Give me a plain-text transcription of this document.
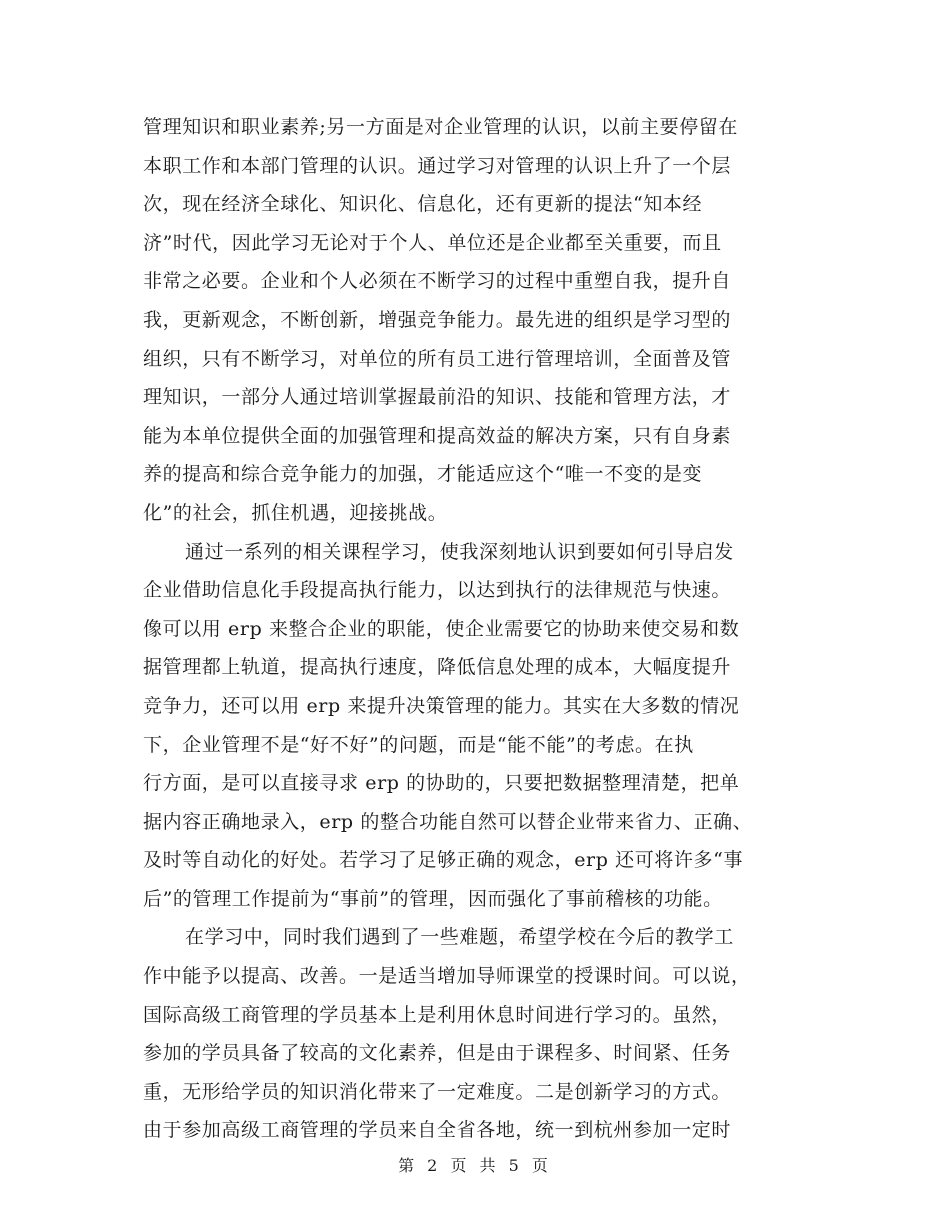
管理知识和职业素养;另一方面是对企业管理的认识，以前主要停留在
本职工作和本部门管理的认识。通过学习对管理的认识上升了一个层
次，现在经济全球化、知识化、信息化，还有更新的提法“知本经
济”时代，因此学习无论对于个人、单位还是企业都至关重要，而且
非常之必要。企业和个人必须在不断学习的过程中重塑自我，提升自
我，更新观念，不断创新，增强竞争能力。最先进的组织是学习型的
组织，只有不断学习，对单位的所有员工进行管理培训，全面普及管
理知识，一部分人通过培训掌握最前沿的知识、技能和管理方法，才
能为本单位提供全面的加强管理和提高效益的解决方案，只有自身素
养的提高和综合竞争能力的加强，才能适应这个“唯一不变的是变
化”的社会，抓住机遇，迎接挑战。
通过一系列的相关课程学习，使我深刻地认识到要如何引导启发
企业借助信息化手段提高执行能力，以达到执行的法律规范与快速。
像可以用 erp 来整合企业的职能，使企业需要它的协助来使交易和数
据管理都上轨道，提高执行速度，降低信息处理的成本，大幅度提升
竞争力，还可以用 erp 来提升决策管理的能力。其实在大多数的情况
下，企业管理不是“好不好”的问题，而是“能不能”的考虑。在执
行方面，是可以直接寻求 erp 的协助的，只要把数据整理清楚，把单
据内容正确地录入，erp 的整合功能自然可以替企业带来省力、正确、
及时等自动化的好处。若学习了足够正确的观念，erp 还可将许多“事
后”的管理工作提前为“事前”的管理，因而强化了事前稽核的功能。
在学习中，同时我们遇到了一些难题，希望学校在今后的教学工
作中能予以提高、改善。一是适当增加导师课堂的授课时间。可以说，
国际高级工商管理的学员基本上是利用休息时间进行学习的。虽然，
参加的学员具备了较高的文化素养，但是由于课程多、时间紧、任务
重，无形给学员的知识消化带来了一定难度。二是创新学习的方式。
由于参加高级工商管理的学员来自全省各地，统一到杭州参加一定时
第 2 页 共 5 页
